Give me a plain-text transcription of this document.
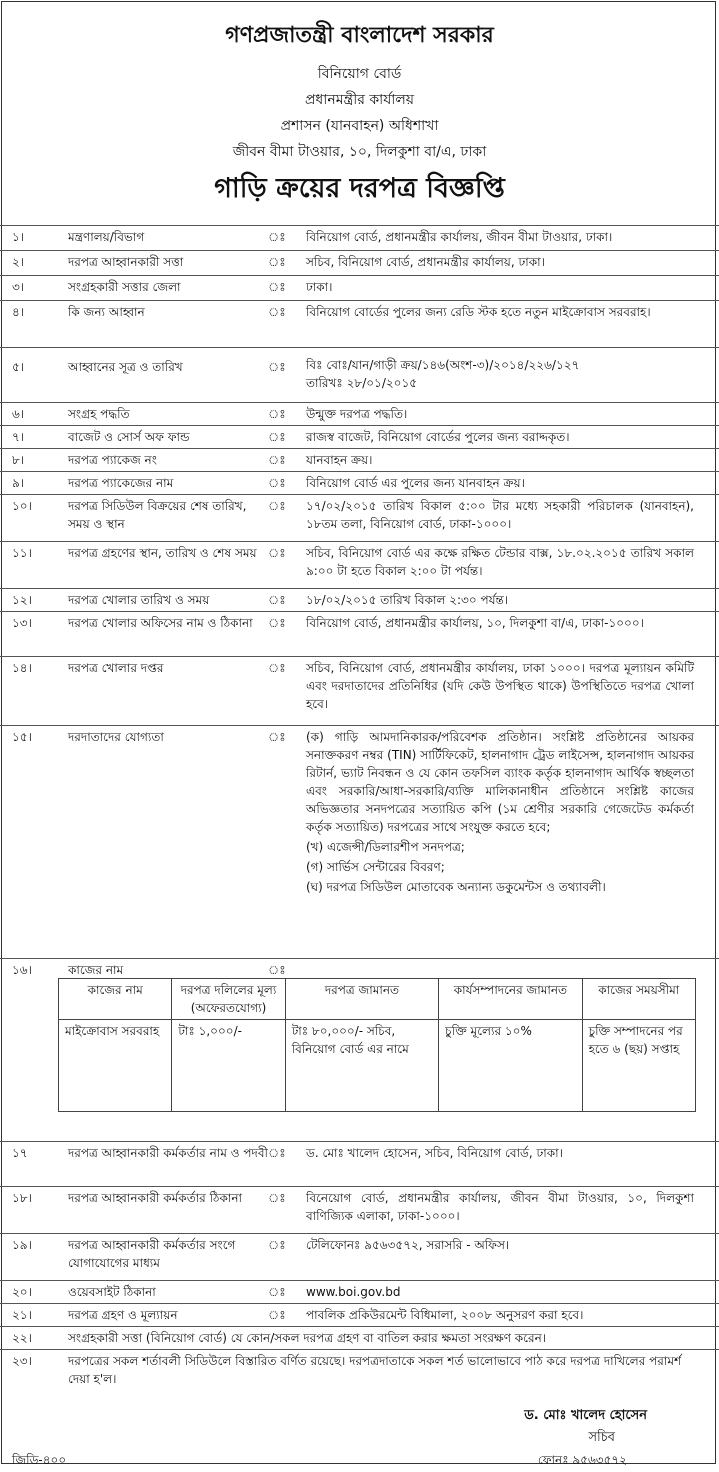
গণপ্রজাতন্ত্রী বাংলাদেশ সরকার
বিনিয়োগ বোর্ড
প্রধানমন্ত্রীর কার্যালয়
প্রশাসন (যানবাহন) অধিশাখা
জীবন বীমা টাওয়ার, ১০, দিলকুশা বা/এ, ঢাকা
গাড়ি ক্রয়ের দরপত্র বিজ্ঞপ্তি
১।	মন্ত্রণালয়/বিভাগ	ঃ বিনিয়োগ বোর্ড, প্রধানমন্ত্রীর কার্যালয়, জীবন বীমা টাওয়ার, ঢাকা।
২।	দরপত্র আহ্বানকারী সত্তা	ঃ সচিব, বিনিয়োগ বোর্ড, প্রধানমন্ত্রীর কার্যালয়, ঢাকা।
৩।	সংগ্রহকারী সত্তার জেলা	ঃ ঢাকা।
৪।	কি জন্য আহ্বান	ঃ বিনিয়োগ বোর্ডের পুলের জন্য রেডি স্টক হতে নতুন মাইক্রোবাস সরবরাহ।
৫।	আহ্বানের সূত্র ও তারিখ	ঃ বিঃ বোঃ/যান/গাড়ী ক্রয়/১৪৬(অংশ-৩)/২০১৪/২২৬/১২৭

তারিখঃ ২৮/০১/২০১৫

৬।	সংগ্রহ পদ্ধতি	ঃ উন্মুক্ত দরপত্র পদ্ধতি।
৭।	বাজেট ও সোর্স অফ ফান্ড	ঃ রাজস্ব বাজেট, বিনিয়োগ বোর্ডের পুলের জন্য বরাদ্দকৃত।
৮।	দরপত্র প্যাকেজ নং	ঃ যানবাহন ক্রয়।
৯।	দরপত্র প্যাকেজের নাম	ঃ বিনিয়োগ বোর্ড এর পুলের জন্য যানবাহন ক্রয়।
১০।	দরপত্র সিডিউল বিক্রয়ের শেষ তারিখ, সময় ও স্থান
ঃ ১৭/০২/২০১৫ তারিখ বিকাল ৫:০০ টার মধ্যে সহকারী পরিচালক (যানবাহন), ১৮তম তলা, বিনিয়োগ বোর্ড, ঢাকা-১০০০।
১১।	দরপত্র গ্রহণের স্থান, তারিখ ও শেষ সময় ঃ সচিব, বিনিয়োগ বোর্ড এর কক্ষে রক্ষিত টেন্ডার বাক্স, ১৮.০২.২০১৫ তারিখ সকাল ৯:০০ টা হতে বিকাল ২:০০ টা পর্যন্ত।
১২।	দরপত্র খোলার তারিখ ও সময়	ঃ ১৮/০২/২০১৫ তারিখ বিকাল ২:৩০ পর্যন্ত।
১৩।	দরপত্র খোলার অফিসের নাম ও ঠিকানা	ঃ বিনিয়োগ বোর্ড, প্রধানমন্ত্রীর কার্যালয়, ১০, দিলকুশা বা/এ, ঢাকা-১০০০।
১৪।	দরপত্র খোলার দপ্তর	ঃ সচিব, বিনিয়োগ বোর্ড, প্রধানমন্ত্রীর কার্যালয়, ঢাকা ১০০০। দরপত্র মূল্যায়ন কমিটি এবং দরদাতাদের প্রতিনিধির (যদি কেউ উপস্থিত থাকে) উপস্থিতিতে দরপত্র খোলা হবে।
১৫।	দরদাতাদের যোগ্যতা	ঃ (ক) গাড়ি আমদানিকারক/পরিবেশক প্রতিষ্ঠান। সংশ্লিষ্ট প্রতিষ্ঠানের আয়কর সনাক্তকরণ নম্বর (TIN) সার্টিফিকেট, হালনাগাদ ট্রেড লাইসেন্স, হালনাগাদ আয়কর রিটার্ন, ভ্যাট নিবন্ধন ও যে কোন তফসিল ব্যাংক কর্তৃক হালনাগাদ আর্থিক স্বচ্ছলতা এবং সরকারি/আধা-সরকারি/ব্যক্তি মালিকানাধীন প্রতিষ্ঠানে সংশ্লিষ্ট কাজের অভিজ্ঞতার সনদপত্রের সত্যায়িত কপি (১ম শ্রেণীর সরকারি গেজেটেড কর্মকর্তা কর্তৃক সত্যায়িত) দরপত্রের সাথে সংযুক্ত করতে হবে;

(খ) এজেন্সী/ডিলারশীপ সনদপত্র;

(গ) সার্ভিস সেন্টারের বিবরণ;

(ঘ) দরপত্র সিডিউল মোতাবেক অন্যান্য ডকুমেন্টস ও তথ্যাবলী।

১৬।	কাজের নাম	ঃ
কাজের নাম	দরপত্র দলিলের মূল্য (অফেরতযোগ্য)	দরপত্র জামানত	কার্যসম্পাদনের জামানত	কাজের সময়সীমা
মাইক্রোবাস সরবরাহ	টাঃ ১,০০০/-	টাঃ ৮০,০০০/- সচিব, বিনিয়োগ বোর্ড এর নামে	চুক্তি মূল্যের ১০%	চুক্তি সম্পাদনের পর হতে ৬ (ছয়) সপ্তাহ
১৭	দরপত্র আহ্বানকারী কর্মকর্তার নাম ও পদবী ঃ ড. মোঃ খালেদ হোসেন, সচিব, বিনিয়োগ বোর্ড, ঢাকা।
১৮।	দরপত্র আহ্বানকারী কর্মকর্তার ঠিকানা	ঃ বিনেয়োগ বোর্ড, প্রধানমন্ত্রীর কার্যালয়, জীবন বীমা টাওয়ার, ১০, দিলকুশা বাণিজ্যিক এলাকা, ঢাকা-১০০০।
১৯।	দরপত্র আহ্বানকারী কর্মকর্তার সংগে যোগাযোগের মাধ্যম
ঃ টেলিফোনঃ ৯৫৬৩৫৭২, সরাসরি - অফিস।
২০।	ওয়েবসাইট ঠিকানা	ঃ www.boi.gov.bd
২১।	দরপত্র গ্রহণ ও মূল্যায়ন	ঃ পাবলিক প্রকিউরমেন্ট বিধিমালা, ২০০৮ অনুসরণ করা হবে।
২২।	সংগ্রহকারী সত্তা (বিনিয়োগ বোর্ড) যে কোন/সকল দরপত্র গ্রহণ বা বাতিল করার ক্ষমতা সংরক্ষণ করেন।
২৩।	দরপত্রের সকল শর্তাবলী সিডিউলে বিস্তারিত বর্ণিত রয়েছে। দরপত্রদাতাকে সকল শর্ত ভালোভাবে পাঠ করে দরপত্র দাখিলের পরামর্শ দেয়া হ'ল।
ড. মোঃ খালেদ হোসেন
সচিব
জিডি-৪০০	ফোনঃ ৯৫৬৩৫৭২
